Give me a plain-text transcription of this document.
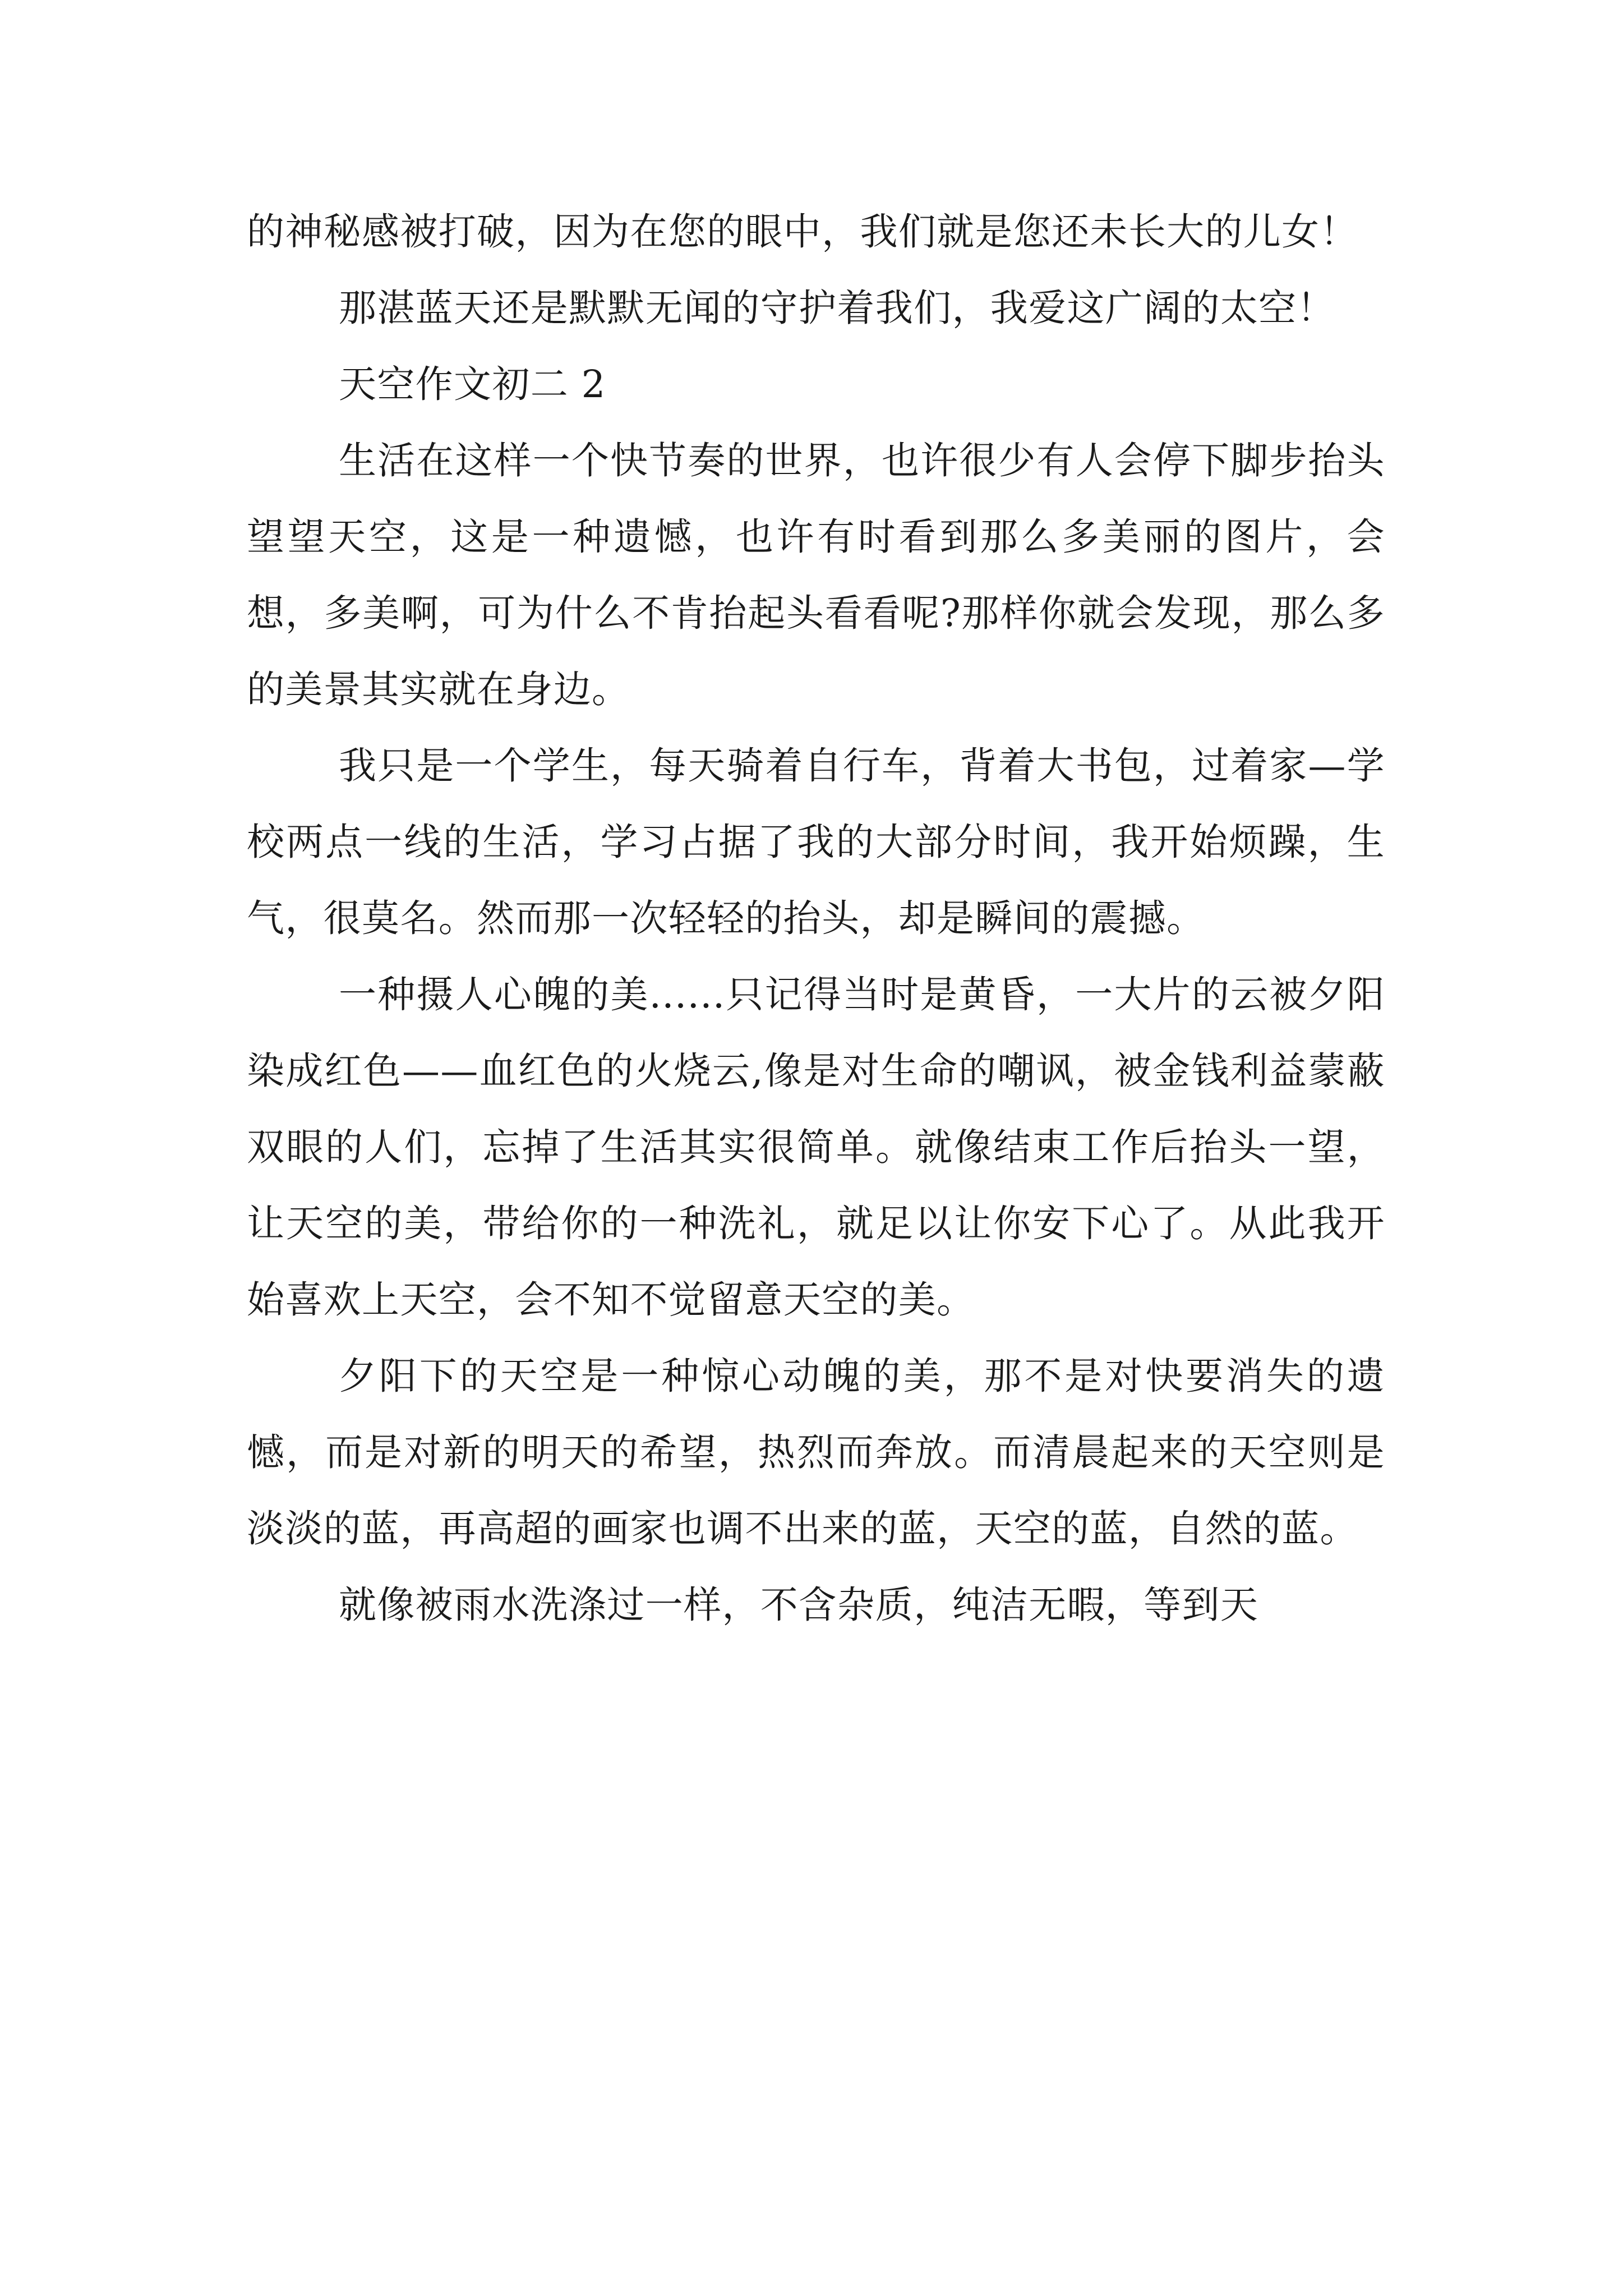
的神秘感被打破，因为在您的眼中，我们就是您还未长大的儿女！

那湛蓝天还是默默无闻的守护着我们，我爱这广阔的太空！

天空作文初二 2

生活在这样一个快节奏的世界，也许很少有人会停下脚步抬头望望天空，这是一种遗憾，也许有时看到那么多美丽的图片，会想，多美啊，可为什么不肯抬起头看看呢?那样你就会发现，那么多的美景其实就在身边。

我只是一个学生，每天骑着自行车，背着大书包，过着家—学校两点一线的生活，学习占据了我的大部分时间，我开始烦躁，生气，很莫名。然而那一次轻轻的抬头，却是瞬间的震撼。

一种摄人心魄的美......只记得当时是黄昏，一大片的云被夕阳染成红色——血红色的火烧云,像是对生命的嘲讽，被金钱利益蒙蔽双眼的人们，忘掉了生活其实很简单。就像结束工作后抬头一望，让天空的美，带给你的一种洗礼，就足以让你安下心了。从此我开始喜欢上天空，会不知不觉留意天空的美。

夕阳下的天空是一种惊心动魄的美，那不是对快要消失的遗憾，而是对新的明天的希望，热烈而奔放。而清晨起来的天空则是淡淡的蓝，再高超的画家也调不出来的蓝，天空的蓝，自然的蓝。

就像被雨水洗涤过一样，不含杂质，纯洁无暇，等到天
